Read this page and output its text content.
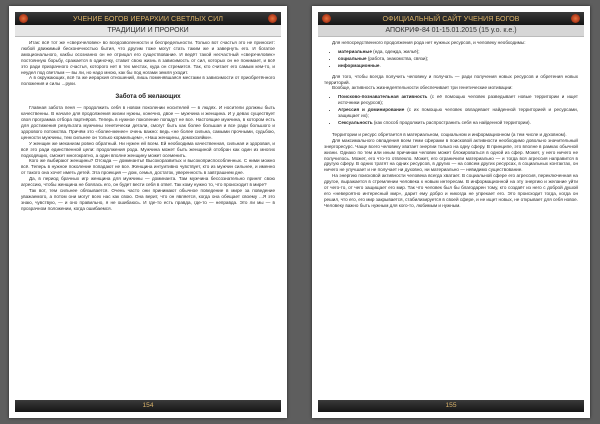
УЧЕНИЕ БОГОВ ИЕРАРХИИ СВЕТЛЫХ СИЛ
ТРАДИЦИИ И ПРОРОКИ

Итак: всё тот же «сверхчеловек» во вседозволенности и беспредельности. Только вот счастья это не приносит: любой движимый бесконечностью бытия, что другим тоже могут стать таким же и завернуть его. И богатое амоционального, какбы осознанно он не отрицал его существование. И ведёт такой несчастный «сверхчеловек» постоянную борьбу, сражается в одиночку, ставит свою жизнь в зависимость от сил, которых он не понимает, и всё это ради призрачного счастья, которого нет в тех местах, куда он стремится. Так, кто считает его самым кем-то, и неудел под светлым — вы ли, но надо мною, как бы под ногами земля уходит.

А в окружающих, всё та же иерархия отношений, лишь поменявшаяся местами в зависимости от приобретённого положения и силы ...руки.

Забота об желающих

Главная забота пеня — продолжить себя в новом поколении носителей — в людях. И носители должны быть качественны. В начале для продолжения жизни нужны, конечно, двое — мужчина и женщина. И у девах существует своя программа отбора партнёров. Теперь в нужное поколение попадут не все. Настоящие мужчина, в котором есть для достижения результата мужчины генетически детали, смогут быть как более большая и все ради большого и здорового потомства. Причём это «более-менее» очень важно: ведь «не более сильна, самыми прочными, судьбою, ценности мужчины, тем сильнее он только кормильцем», «Наш женщины, домохозяйки».

У женщин же механизм ровно обратный. Ни нужен ей всем. Ей необходима качественная, сильная и здоровая, и всё это ради единственной цели: продолжения рода. Мужчина может быть женщиной отобран как один из многих подходящих, сможет многократно, а один вполне женщину может осеменить.

Кого же выбирают женщины? Отсюда — доминанты! Высокоразвитых и высокоприспособленных. С ними можно всё. Теперь в нужное поколение попадают не все. Женщина интуитивно чувствует, кто из мужчин сильнее, и именно от такого она хочет иметь детей. Эта проекция — дом, семья, достаток, уверенность в завтрашнем дне.

Да, в период брачных игр женщина для мужчины — доминанта. Там мужчина бессознательно принят свою агрессию, чтобы женщина не боялась его, он будет вести себя в ответ. Так кому нужно то, что происходит в мире?

Так вот, тем сильнее обязывается. Очень часто они принимают обычное поведение в мире за поведение уважаемого, а потом они могут всех нас как свою. Она верит, что он является, когда она обещает своему ...Я это знаю, чувствую, — и оно правильно, я не ошибаюсь. И где-то есть правда, где-то — неправда. Это ли мы — в прозрачном положении, когда ошибаемся.

154
ОФИЦИАЛЬНЫЙ САЙТ УЧЕНИЯ БОГОВ
АПОКРИФ-84 01-15.01.2015 (15 у.о. к.е.)

Для непосредственного продолжения рода нет нужных ресурсов, и человеку необходимы:

• материальные (еда, одежда, жильё);
• социальные (работа, знакомства, связи);
• информационные.

Для того, чтобы всегда получить человеку и получать — ради получения новых ресурсов и обретения новых территорий.

Вообще, активность жизнедеятельности обеспечивает три генетические мотивации:

• Поисково-познавательная активность (с её помощью человек разведывает новые территории и ищет источники ресурсов);
• Агрессия и доминирование (с их помощью человек овладевает найденной территорией и ресурсами, защищает их);
• Сексуальность (как способ продолжить распространить себя на найденной территории).

Территории и ресурс обретается в материальном, социальном и информационном (а тем числе и духовном).

Для максимального овладения всем теми сферами в поисковой активности необходимо довольно значительный энергоресурс. Чаще всего человеку хватает энергии только на одну сферу. В принципе, это вполне в рамках обычной жизни. Однако по тем или иным причинам человек может блокироваться в одной из сфер. Может, у него ничего не получилось. Может, его что-то отвлекло. Может, его ограничили материально — и тогда вся агрессия направится в другую сферу. В одних тратят на одних ресурсов, в других — на совсем других ресурсах, в социальных контактах, он ничего не улучшает и не получает ни духовно, ни материально — невидимо существование.

На энергию поисковой активности человека всегда хватает. В социальной сфере его агрессия, переключенная на другое, выражается в стремлении человека к новым интересам. В информационной на эту энергию и желание уйти от чего-то, от чего защищает его мир. Так что человек был бы благодарен тому, кто создаёт из него с доброй душой его «невероятно интересный мир», дарит ему добро и никогда не упрекает его. Это происходит тогда, когда он решил, что его, его мир закрывается, стабилизируется в своей сфере, и не ищет новых, не открывает для себя новое. Человеку важно быть нужным для кого-то, любимым и нужным.

155
